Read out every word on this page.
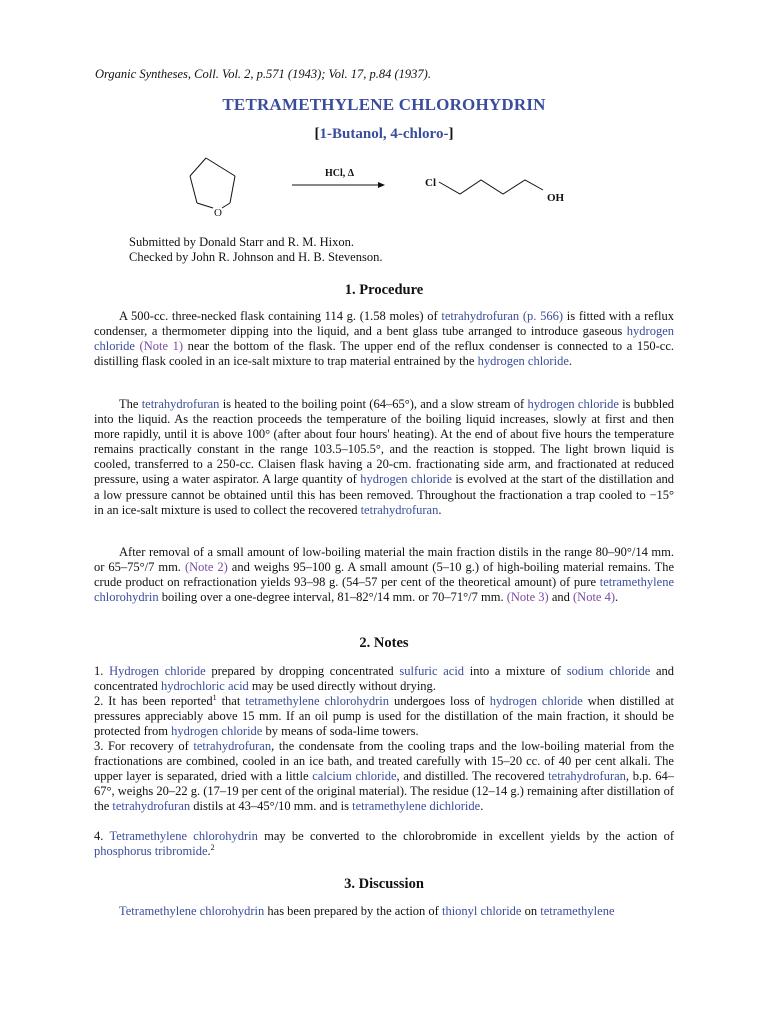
Organic Syntheses, Coll. Vol. 2, p.571 (1943); Vol. 17, p.84 (1937).
TETRAMETHYLENE CHLOROHYDRIN
[1-Butanol, 4-chloro-]
O
HCl, Δ
Cl
OH
Submitted by Donald Starr and R. M. Hixon.
Checked by John R. Johnson and H. B. Stevenson.
1. Procedure
A 500-cc. three-necked flask containing 114 g. (1.58 moles) of tetrahydrofuran (p. 566) is fitted with a reflux condenser, a thermometer dipping into the liquid, and a bent glass tube arranged to introduce gaseous hydrogen chloride (Note 1) near the bottom of the flask. The upper end of the reflux condenser is connected to a 150-cc. distilling flask cooled in an ice-salt mixture to trap material entrained by the hydrogen chloride.
The tetrahydrofuran is heated to the boiling point (64–65°), and a slow stream of hydrogen chloride is bubbled into the liquid. As the reaction proceeds the temperature of the boiling liquid increases, slowly at first and then more rapidly, until it is above 100° (after about four hours' heating). At the end of about five hours the temperature remains practically constant in the range 103.5–105.5°, and the reaction is stopped. The light brown liquid is cooled, transferred to a 250-cc. Claisen flask having a 20-cm. fractionating side arm, and fractionated at reduced pressure, using a water aspirator. A large quantity of hydrogen chloride is evolved at the start of the distillation and a low pressure cannot be obtained until this has been removed. Throughout the fractionation a trap cooled to −15° in an ice-salt mixture is used to collect the recovered tetrahydrofuran.
After removal of a small amount of low-boiling material the main fraction distils in the range 80–90°/14 mm. or 65–75°/7 mm. (Note 2) and weighs 95–100 g. A small amount (5–10 g.) of high-boiling material remains. The crude product on refractionation yields 93–98 g. (54–57 per cent of the theoretical amount) of pure tetramethylene chlorohydrin boiling over a one-degree interval, 81–82°/14 mm. or 70–71°/7 mm. (Note 3) and (Note 4).
2. Notes
1. Hydrogen chloride prepared by dropping concentrated sulfuric acid into a mixture of sodium chloride and concentrated hydrochloric acid may be used directly without drying.
2. It has been reported$^1$ that tetramethylene chlorohydrin undergoes loss of hydrogen chloride when distilled at pressures appreciably above 15 mm. If an oil pump is used for the distillation of the main fraction, it should be protected from hydrogen chloride by means of soda-lime towers.
3. For recovery of tetrahydrofuran, the condensate from the cooling traps and the low-boiling material from the fractionations are combined, cooled in an ice bath, and treated carefully with 15–20 cc. of 40 per cent alkali. The upper layer is separated, dried with a little calcium chloride, and distilled. The recovered tetrahydrofuran, b.p. 64–67°, weighs 20–22 g. (17–19 per cent of the original material). The residue (12–14 g.) remaining after distillation of the tetrahydrofuran distils at 43–45°/10 mm. and is tetramethylene dichloride.
4. Tetramethylene chlorohydrin may be converted to the chlorobromide in excellent yields by the action of phosphorus tribromide.$^2$
3. Discussion
Tetramethylene chlorohydrin has been prepared by the action of thionyl chloride on tetramethylene
